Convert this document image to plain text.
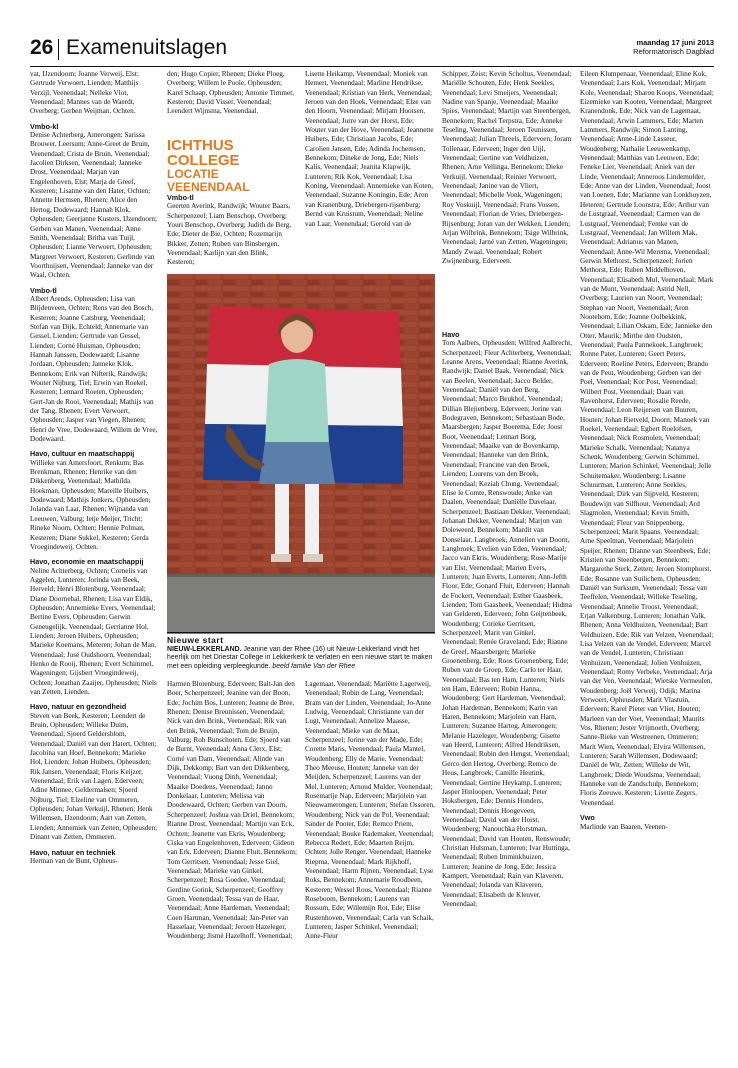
26 Examenuitslagen	maandag 17 juni 2013
Reformatorisch Dagblad

vat, IJzendoorn; Joanne Verweij, Elst; Gertrude Verwoert, Lienden; Matthijs Verzijl, Veenendaal; Nelleke Vlot, Veenendaal; Mannes van de Waerdt, Overberg; Gerben Weijman, Ochten.

Vmbo-kl

Denise Achterberg, Amerongen; Sarissa Brouwer, Leersum; Anne-Greet de Bruin, Veenendaal; Crista de Bruin, Veenendaal; Jacolien Dirksen, Veenendaal; Janneke Drost, Veenendaal; Marjan van Engelenhoven, Elst; Marja de Greef, Kesteren; Lisanne van den Hater, Ochten; Annette Hermsen, Rhenen; Alice den Hertog, Dodewaard; Hannah Klok, Opheusden; Geerjanne Kusters, IJzendoorn; Gerben van Manen, Veenendaal; Anne Smith, Veenendaal; Britha van Tuijl, Opheusden; Lianne Verwoert, Opheusden; Margreet Verwoert, Kesteren; Gerlinde van Voorthuijsen, Veenendaal; Janneke van der Waal, Ochten.

Vmbo-tl

Albert Arends, Opheusden; Lisa van Blijdenveen, Ochten; Rens van den Bosch, Kesteren; Joanne Catsburg, Veenendaal; Stefan van Dijk, Echteld; Annemarie van Gessel, Lienden; Gertrude van Gessel, Lienden; Corné Huisman, Opheusden; Hannah Janssen, Dodewaard; Lisanne Jordaan, Opheusden; Janneke Klok, Bennekom; Erik van Nifterik, Randwijk; Wouter Nijburg, Tiel; Erwin van Roekel, Kesteren; Lennard Roeten, Opheusden; Gert-Jan de Rooi, Veenendaal; Mathijs van der Tang, Rhenen; Evert Verwoert, Opheusden; Jasper van Viegen, Rhenen; Henri de Vree, Dodewaard; Willem de Vree, Dodewaard.

Havo, cultuur en maatschappij

Willieke van Amersfoort, Renkum; Bas Brenkman, Rhenen; Henrike van den Dikkenberg, Veenendaal; Mathilda Hoekman, Opheusden; Mareille Huibers, Dodewaard; Mathijs Jonkers, Opheusden; Jolanda van Laar, Rhenen; Wijnanda van Leeuwen, Valburg; Ietje Meijer, Tricht; Rineke Noom, Ochten; Hennie Polman, Kesteren; Diane Sukkel, Kesteren; Gerda Vroegindeweij, Ochten.

Havo, economie en maatschappij

Neline Achterberg, Ochten; Cornelis van Aggelen, Lunteren; Jorinda van Beek, Herveld; Henri Blotenburg, Veenendaal; Diane Doornebal, Rhenen; Lisa van Eldik, Opheusden; Annemieke Evers, Veenendaal; Bertine Evers, Opheusden; Gerwin Geneugelijk, Veenendaal; Gerrianne Hol, Lienden; Jeroen Huibers, Opheusden; Marieke Koemans, Meteren; Johan de Man, Veenendaal; José Oudshoorn, Veenendaal; Henko de Rooij, Rhenen; Evert Schimmel, Wageningen; Gijsbert Vroegindeweij, Ochten; Jonathan Zaaijer, Opheusden; Niels van Zetten, Lienden.

Havo, natuur en gezondheid

Steven van Beek, Kesteren; Leendert de Bruin, Opheusden; Willeke Duim, Veenendaal; Sjoerd Geldersblom, Veenendaal; Daniël van den Hatert, Ochten; Jacobina van Hoef, Bennekom; Marieke Hol, Lienden; Johan Huibers, Opheusden; Rik Jansen, Veenendaal; Floris Keijzer, Veenendaal; Erik van Lagen, Ederveen; Adine Minnee, Geldermalsen; Sjoerd Nijburg, Tiel; Elzeline van Ommeren, Opheusden; Johan Verkuijl, Rhenen; Henk Willemsen, IJzendoorn; Aart van Zetten, Lienden; Annemiek van Zetten, Opheusden; Dinant van Zetten, Ommeren.

Havo, natuur en techniek

Herman van de Bunt, Opheus-

den; Hugo Copier, Rhenen; Dieke Ploeg, Overberg; Willem le Poole, Opheusden; Karel Schaap, Opheusden; Antonie Timmer, Kesteren; David Visser, Veenendaal; Leendert Wijnsma, Veenendaal.

ICHTHUS COLLEGE
LOCATIE
VEENENDAAL
Vmbo-tl

Geerten Averink, Randwijk; Wouter Baars, Scherpenzeel; Liam Benschop, Overberg; Youri Benschop, Overberg; Judith de Berg, Ede; Dieter de Bie, Ochten; Rozemarijn Bikker, Zetten; Ruben van Binsbergen, Veenendaal; Karlijn van den Blink, Kesteren;

Lisette Heikamp, Veenendaal; Moniek van Hemert, Veenendaal; Marline Hendrikse, Veenendaal; Kristian van Herk, Veenendaal; Jeroen van den Hoek, Veenendaal; Elze van den Hoorn, Veenendaal; Mirjam Hootsen, Veenendaal; Jurre van der Horst, Ede; Wouter van der Hove, Veenendaal; Jeannette Huibers, Ede; Christiaan Jacobs, Ede; Carolien Jansen, Ede; Adinda Jochemsen, Bennekom; Dineke de Jong, Ede; Niels Kalis, Veenendaal; Jeanita Klapwijk, Lunteren; Rik Kok, Veenendaal; Lisa Koning, Veenendaal; Annemieke van Koten, Veenendaal; Suzanne Koningin, Ede; Aron van Kranenburg, Driebergen-rijsenburg; Bernd van Kruistum, Veenendaal; Neline van Laar, Veenendaal; Gerold van de

Schipper, Zeist; Kevin Scholtus, Veenendaal; Mariëlle Schouten, Ede; Henk Seekles, Veenendaal; Levi Smeijers, Veenendaal; Nadine van Spanje, Veenendaal; Maaike Spies, Veenendaal; Martijn van Steenbergen, Bennekom; Rachel Terpstra, Ede; Anneke Teseling, Veenendaal; Jeroen Teunissen, Veenendaal; Julian Threels, Ederveen; Joram Tollenaar, Ederveen; Inger den Uijl, Veenendaal; Gertine van Veldhuizen, Rhenen; Arne Vellinga, Bennekom; Dieke Verkuijl, Veenendaal; Reinier Verwoert, Veenendaal; Janine van de Vliert, Veenendaal; Michelle Vonk, Wageningen; Roy Voskuijl, Veenendaal; Frans Vossen, Veenendaal; Florian de Vries, Driebergen-Rijsenburg; Joran van der Wekken, Lienden; Arjan Wilbrink, Bennekom; Tsige Wilbrink, Veenendaal; Jarné van Zetten, Wageningen; Mandy Zwaal, Veenendaal; Robert Zwijnenburg, Ederveen.

Havo

Tom Aalbers, Opheusden; Wilfred Aalbrecht, Scherpenzeel; Fleur Achterberg, Veenendaal; Leanne Arens, Veenendaal; Rianne Averink, Randwijk; Daniel Baak, Veenendaal; Nick van Beelen, Veenendaal; Jacco Belder, Veenendaal; Daniël van den Berg, Veenendaal; Marco Beukhof, Veenendaal; Dillian Blejienberg, Ederveen; Jorine van Bodegraven, Bennekom; Sebastiaan Bode, Maarsbergen; Jasper Boerema, Ede; Joost Boot, Veenendaal; Lennart Borg, Veenendaal; Maaike van de Bovenkamp, Veenendaal; Hanneke van den Brink, Veenendaal; Francine van den Broek, Lienden; Lourens van den Broek, Veenendaal; Keziah Chung, Veenendaal; Elise le Comte, Renswoude; Anke van Daalen, Veenendaal; Daniëlle Davelaar, Scherpenzeel; Bastiaan Dekker, Veenendaal; Johanan Dekker, Veenendaal; Marjon van Doleweerd, Bennekom; Mardit van Donselaar, Langbroek; Annelien van Doorn, Langbroek; Evelien van Eden, Veenendaal; Jacco van Ekris, Woudenberg; Rose-Marije van Elst, Veenendaal; Marien Evers, Lunteren; Juan Everts, Lunteren; Ann-Jefth Floor, Ede; Gonard Fluit, Ederveen; Hannah de Fockert, Veenendaal; Esther Gaasbeek, Lienden; Tom Gaasbeek, Veenendaal; Hidma van Gelderen, Ederveen; John Geijtenbeek, Woudenberg; Corieke Gerritsen, Scherpenzeel; Marit van Ginkel, Veenendaal; Renée Graveland, Ede; Rianne de Greef, Maarsbergen; Marieke Groenenberg, Ede; Roos Groenenberg, Ede; Ruben van de Groep, Ede; Carlo ter Haar, Veenendaal; Bas ten Ham, Lunteren; Niels ten Ham, Ederveen; Robin Hanna, Woudenberg; Gert Hardeman, Veenendaal; Johan Hardeman, Bennekom; Karin van Haren, Bennekom; Marjolein van Harn, Lunteren; Suzanne Hartog, Amerongen; Melanie Hazeleger, Woudenberg; Gisette van Heerd, Lunteren; Alfred Hendriksen, Veenendaal; Robin den Hengst, Veenendaal; Gerco den Hertog, Overberg; Remco de Heus, Langbroek; Camille Heutink, Veenendaal; Gertine Heykamp, Lunteren; Jasper Hinloopen, Veenendaal; Peter Hoksbergen, Ede; Dennis Honders, Veenendaal; Dennis Hoogeveen, Veenendaal; David van der Horst, Woudenberg; Nanouchka Horstman, Veenendaal; David van Houten, Renswoude; Christian Hulsman, Lunteren; Ivar Huttinga, Veenendaal; Ruben Imminkhuizen, Lunteren; Jeanine de Jong, Ede; Jessica Kampert, Veenendaal; Rain van Klaveren, Veenendaal; Jolanda van Klaveren, Veenendaal; Elisabeth de Kleuver, Veenendaal;

Eileen Klumpenaar, Veenendaal; Eline Kok, Veenendaal; Lars Kok, Veenendaal; Mirjam Kole, Veenendaal; Sharon Koops, Veenendaal; Eizemieke van Kooten, Veenendaal; Margreet Kranendonk, Ede; Nick van de Lagemaat, Veenendaal; Arwin Lammers, Ede; Marten Lammers, Randwijk; Simon Lanting, Veenendaal; Anne-Linde Lasseur, Woudenberg; Nathalie Leeuwenkamp, Veenendaal; Matthias van Leeuwen, Ede; Feneke Lier, Veenendaal; Aniek van der Linde, Veenendaal; Anneroos Lindemulder, Ede; Anne van der Linden, Veenendaal; Joost van Loenen, Ede; Marianne van Lonkhuyzen, Heteren; Gertrude Loonstra, Ede; Arthur van de Lustgraaf, Veenendaal; Carmen van de Lustgraaf, Veenendaal; Femke van de Lustgraaf, Veenendaal; Jan Willem Mak, Veenendaal; Adrianus van Manen, Veenendaal; Anne-Wil Merema, Veenendaal; Gerwin Methorst, Scherpenzeel; Jorien Methorst, Ede; Ruben Middelhoven, Veenendaal; Elisabeth Mul, Veenendaal; Mark van de Munt, Veenendaal; Astrid Nell, Overberg; Laurien van Noort, Veenendaal; Stephan van Noort, Veenendaal; Aron Nootebom, Ede; Joanne Oolbekkink, Veenendaal; Lilian Oskam, Ede; Jannieke den Otter, Maurik; Mirthe den Oudsten, Veenendaal; Paula Pannekoek, Langbroek; Ronne Pater, Lunteren; Geert Peters, Ederveen; Roeline Peters, Ederveen; Brando van de Peut, Woudenberg; Gerben van der Poel, Veenendaal; Kor Post, Veenendaal; Wilbert Post, Veenendaal; Daan van Ravenhorst, Ederveen; Rosalie Reede, Veenendaal; Leon Reijersen van Buuren, Houten; Johan Rietveld, Doorn; Manoek van Roekel, Veenendaal; Egbert Roelofsen, Veenendaal; Nick Rosmolen, Veenendaal; Marieke Schalk, Veenendaal; Natanya Schenk, Woudenberg; Gerwin Schimmel, Lunteren; Marion Schinkel, Veenendaal; Jelle Schuitemaker, Woudenberg; Lisanne Schuurman, Lunteren; Anne Seekles, Veenendaal; Dirk van Sijpveld, Kesteren; Boudewijn van Silfhout, Veenendaal; Ard Slagmolen, Veenendaal; Kevin Smith, Veenendaal; Fleur van Snippenberg, Scherpenzeel; Marit Spaans, Veenendaal; Arne Speelman, Veenendaal; Marjolein Speijer, Rhenen; Dianne van Steenbeek, Ede; Kristien van Steenbergen, Bennekom; Margarethe Sterk, Zetten; Jeroen Stomphorst, Ede; Rosanne van Suilichem, Opheusden; Daniël van Surksum, Veenendaal; Tessa van Teeffelen, Veenendaal; Willeke Teseling, Veenendaal; Annelie Troost, Veenendaal; Erjan Valkenburg, Lunteren; Jonathan Valk, Rhenen; Anna Veldhuizen, Veenendaal; Bart Veldhuizen, Ede; Rik van Velzen, Veenendaal; Lisa Velzen van de Vendel, Ederveen; Marcel van de Vendel, Lunteren; Christiaan Venhuizen, Veenendaal; Jolien Venhuizen, Veenendaal; Romy Verbeke, Veenendaal; Arja van der Ven, Veenendaal; Wietske Vermeulen, Woudenberg; Joël Verweij, Odijk; Marina Verwoert, Opheusden; Marit Vlastuin, Ederveen; Karel Pieter van Vliet, Houten; Marleen van der Voet, Veenendaal; Maurits Vos, Rhenen; Jester Vrijmoeth, Overberg; Sanne-Rieke van Westreenen, Ommeren; Marit Wien, Veenendaal; Elvira Willemsen, Lunteren; Sarah Willemsen, Dodewaard; Daniël de Wit, Zetten; Willeke de Wit, Langbroek; Diede Woudsma, Veenendaal; Hanneke van de Zandschulp, Bennekom; Floris Zeeuwe, Kesteren; Lisette Zegers, Veenendaal.

Vwo

Marlinde van Baaren, Veenen-

Nieuwe start
NIEUW-LEKKERLAND. Jeanine van der Rhee (16) uit Nieuw-Lekkerland vindt het heerlijk om het Driestar College in Lekkerkerk te verlaten en een nieuwe start te maken met een opleiding verpleegkunde. beeld familie Van der Rhee

Harmen Blotenburg, Ederveen; Balt-Jan den Boer, Scherpenzeel; Jeanine van der Boon, Ede; Jochim Bos, Lunteren; Jeanne de Bree, Rhenen; Denise Breunissen, Veenendaal; Nick van den Brink, Veenendaal; Rik van den Brink, Veenendaal; Tom de Bruijn, Valburg; Rob Bunschoten, Ede; Sjoerd van de Burnt, Veenendaal; Anna Clerx, Elst; Corné van Dam, Veenendaal; Alinde van Dijk, Dekkomp; Bart van den Dikkenberg, Veenendaal; Vuong Dinh, Veenendaal; Maaike Doedens, Veenendaal; Janno Donkelaar, Lunteren; Melissa van Doodewaard, Ochten; Gerben van Doorn, Scherpenzeel; Joshua van Driel, Bennekom; Rianne Drost, Veenendaal; Martijn van Eck, Ochten; Jeanette van Ekris, Woudenberg; Ciska van Engelenhoven, Ederveen; Gideon van Erk, Ederveen; Dianne Fluit, Bennekom; Tom Gerritsen, Veenendaal; Jesse Giel, Veenendaal; Marieke van Ginkel, Scherpenzeel; Rosa Goedee, Veenendaal; Gerdine Gotink, Scherpenzeel; Geoffrey Groen, Veenendaal; Tessa van de Haar, Veenendaal; Anne Hardeman, Veenendaal; Coen Hartman, Veenendaal; Jan-Peter van Hasselaar, Veenendaal; Jeroen Hazeleger, Woudenberg; Jismé Hazelhoff, Veenendaal;

Lagemaat, Veenendaal; Mariëtte Lagerweij, Veenendaal; Robin de Lang, Veenendaal; Bram van der Linden, Veenendaal; Jo-Anne Ludwig, Veenendaal; Christianne van der Lugt, Veenendaal; Annelize Maasse, Veenendaal; Mieke van de Maat, Scherpenzeel; Jorine van der Made, Ede; Corette Maris, Veenendaal; Paula Mantel, Woudenberg; Elly de Marie, Veenendaal; Theo Meeuse, Houten; Janneke van der Meijden, Scherpenzeel; Laurens van der Mel, Lunteren; Arnoud Mulder, Veenendaal; Rosemarije Nap, Ederveen; Marjolein van Nieuwamerongen, Lunteren; Stefan Ossoren, Woudenberg; Nick van de Pol, Veenendaal; Sander de Pooter, Ede; Remco Priem, Veenendaal; Bouke Rademaker, Veenendaal; Rebecca Redert, Ede; Maarten Reijm, Ochten; Jolle Renger, Veenendaal; Hanneke Riepma, Veenendaal; Mark Rijkhoff, Veenendaal; Harm Rijnen, Veenendaal; Lyse Roks, Bennekom; Annemarie Roodbeen, Kesteren; Wessel Roos, Veenendaal; Rianne Roseboom, Bennekom; Laurens van Rossum, Ede; Willemijn Rot, Ede; Elise Rustenhoven, Veenendaal; Carla van Schaik, Lunteren; Jasper Schinkel, Veenendaal; Anne-Fleur
